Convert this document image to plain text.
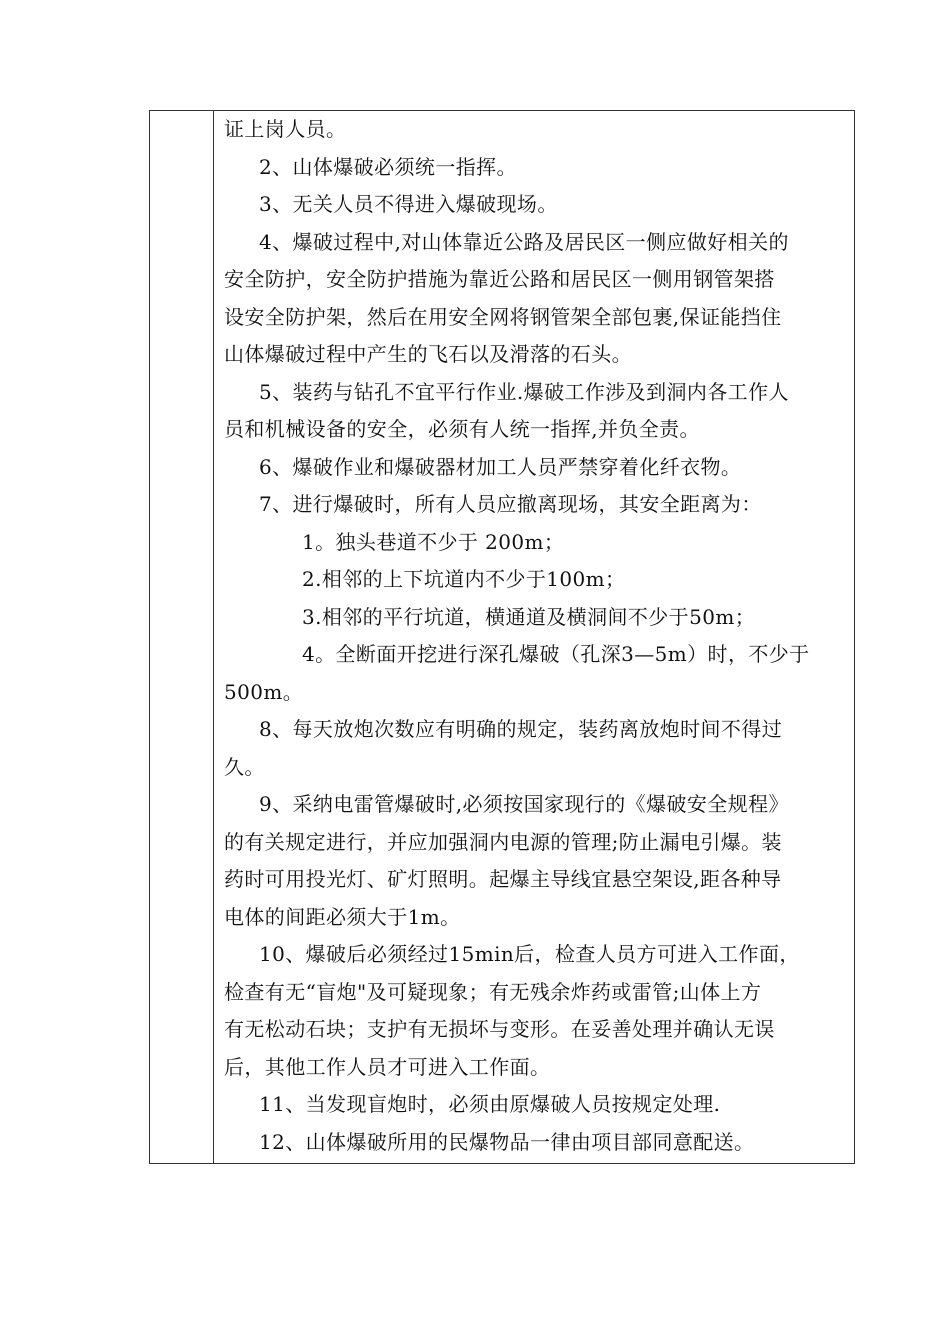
证上岗人员。
2、山体爆破必须统一指挥。
3、无关人员不得进入爆破现场。
4、爆破过程中,对山体靠近公路及居民区一侧应做好相关的
安全防护，安全防护措施为靠近公路和居民区一侧用钢管架搭
设安全防护架，然后在用安全网将钢管架全部包裹,保证能挡住
山体爆破过程中产生的飞石以及滑落的石头。
5、装药与钻孔不宜平行作业.爆破工作涉及到洞内各工作人
员和机械设备的安全，必须有人统一指挥,并负全责。
6、爆破作业和爆破器材加工人员严禁穿着化纤衣物。
7、进行爆破时，所有人员应撤离现场，其安全距离为：
1。独头巷道不少于 200m；
2.相邻的上下坑道内不少于100m；
3.相邻的平行坑道，横通道及横洞间不少于50m；
4。全断面开挖进行深孔爆破（孔深3—5m）时，不少于
500m。
8、每天放炮次数应有明确的规定，装药离放炮时间不得过
久。
9、采纳电雷管爆破时,必须按国家现行的《爆破安全规程》
的有关规定进行，并应加强洞内电源的管理;防止漏电引爆。装
药时可用投光灯、矿灯照明。起爆主导线宜悬空架设,距各种导
电体的间距必须大于1m。
10、爆破后必须经过15min后，检查人员方可进入工作面，
检查有无“盲炮"及可疑现象；有无残余炸药或雷管;山体上方
有无松动石块；支护有无损坏与变形。在妥善处理并确认无误
后，其他工作人员才可进入工作面。
11、当发现盲炮时，必须由原爆破人员按规定处理.
12、山体爆破所用的民爆物品一律由项目部同意配送。
